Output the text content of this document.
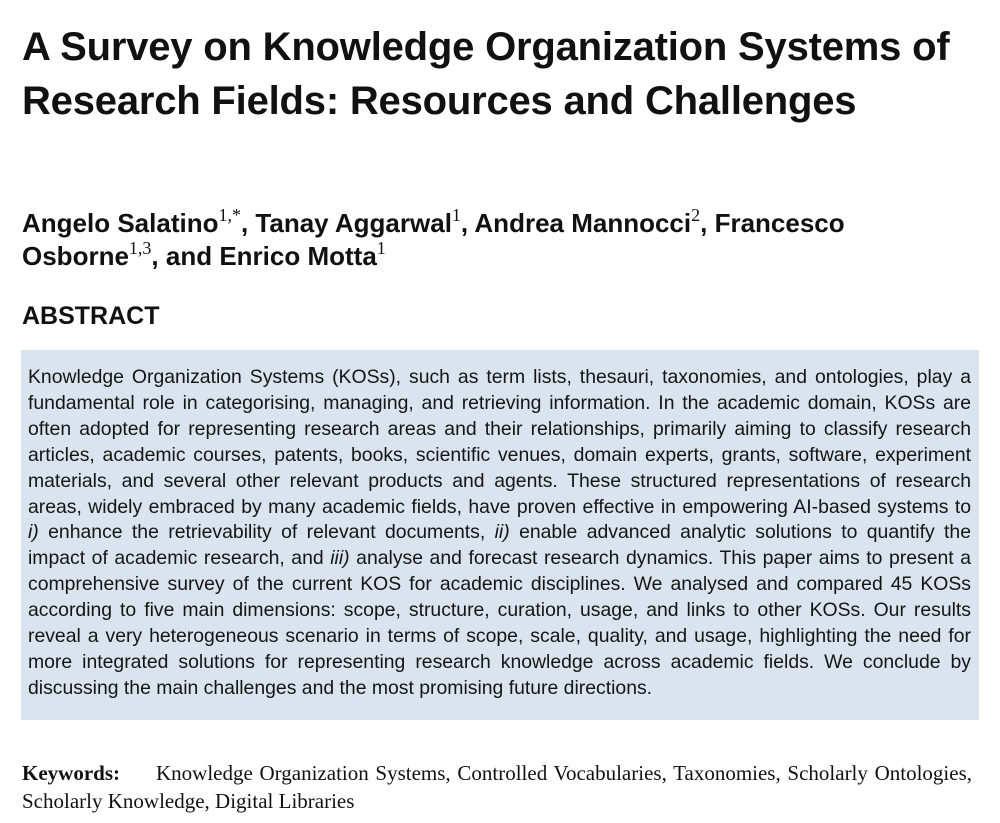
A Survey on Knowledge Organization Systems of Research Fields: Resources and Challenges

Angelo Salatino$^{1,*}$, Tanay Aggarwal$^1$, Andrea Mannocci$^2$, Francesco Osborne$^{1,3}$, and Enrico Motta$^1$

ABSTRACT

Knowledge Organization Systems (KOSs), such as term lists, thesauri, taxonomies, and ontologies, play a fundamental role in categorising, managing, and retrieving information. In the academic domain, KOSs are often adopted for representing research areas and their relationships, primarily aiming to classify research articles, academic courses, patents, books, scientific venues, domain experts, grants, software, experiment materials, and several other relevant products and agents. These structured representations of research areas, widely embraced by many academic fields, have proven effective in empowering AI-based systems to i) enhance the retrievability of relevant documents, ii) enable advanced analytic solutions to quantify the impact of academic research, and iii) analyse and forecast research dynamics. This paper aims to present a comprehensive survey of the current KOS for academic disciplines. We analysed and compared 45 KOSs according to five main dimensions: scope, structure, curation, usage, and links to other KOSs. Our results reveal a very heterogeneous scenario in terms of scope, scale, quality, and usage, highlighting the need for more integrated solutions for representing research knowledge across academic fields. We conclude by discussing the main challenges and the most promising future directions.

Keywords: Knowledge Organization Systems, Controlled Vocabularies, Taxonomies, Scholarly Ontologies, Scholarly Knowledge, Digital Libraries
